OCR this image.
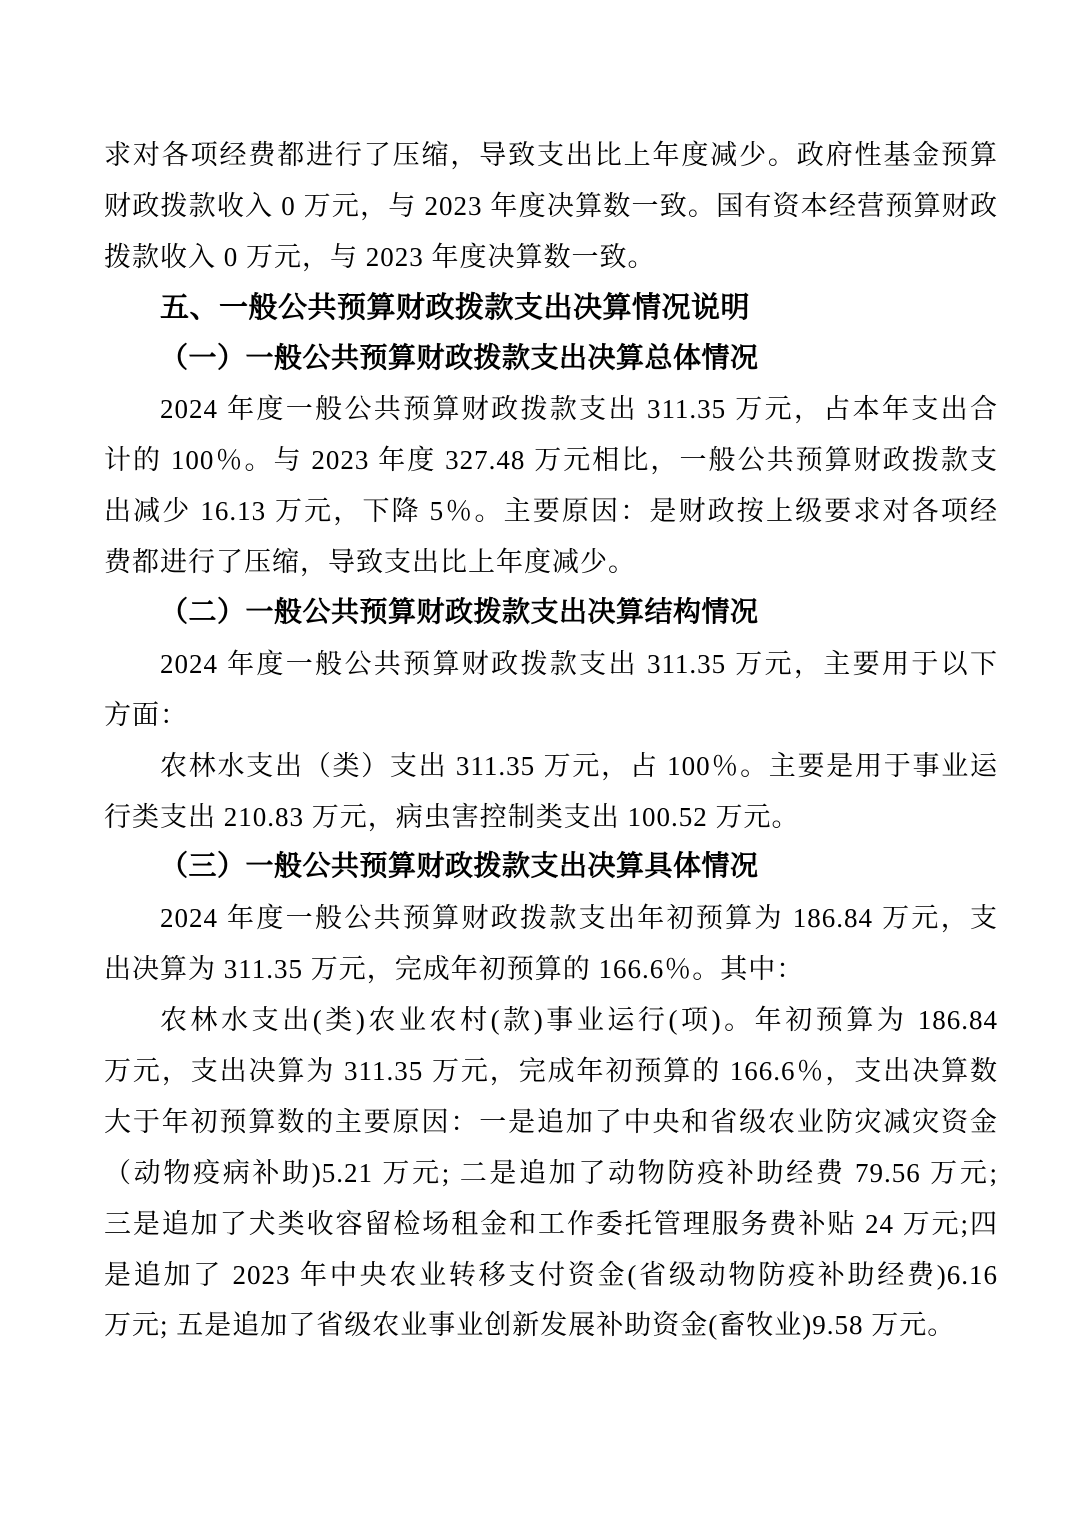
求对各项经费都进行了压缩，导致支出比上年度减少。政府性基金预算
财政拨款收入 0 万元，与 2023 年度决算数一致。国有资本经营预算财政
拨款收入 0 万元，与 2023 年度决算数一致。
五、一般公共预算财政拨款支出决算情况说明
（一）一般公共预算财政拨款支出决算总体情况
2024 年度一般公共预算财政拨款支出 311.35 万元，占本年支出合
计的 100％。与 2023 年度 327.48 万元相比，一般公共预算财政拨款支
出减少 16.13 万元，下降 5％。主要原因：是财政按上级要求对各项经
费都进行了压缩，导致支出比上年度减少。
（二）一般公共预算财政拨款支出决算结构情况
2024 年度一般公共预算财政拨款支出 311.35 万元，主要用于以下
方面：
农林水支出（类）支出 311.35 万元，占 100％。主要是用于事业运
行类支出 210.83 万元，病虫害控制类支出 100.52 万元。
（三）一般公共预算财政拨款支出决算具体情况
2024 年度一般公共预算财政拨款支出年初预算为 186.84 万元，支
出决算为 311.35 万元，完成年初预算的 166.6％。其中：
农林水支出(类)农业农村(款)事业运行(项)。年初预算为 186.84
万元，支出决算为 311.35 万元，完成年初预算的 166.6％，支出决算数
大于年初预算数的主要原因：一是追加了中央和省级农业防灾减灾资金
（动物疫病补助)5.21 万元; 二是追加了动物防疫补助经费 79.56 万元;
三是追加了犬类收容留检场租金和工作委托管理服务费补贴 24 万元;四
是追加了 2023 年中央农业转移支付资金(省级动物防疫补助经费)6.16
万元; 五是追加了省级农业事业创新发展补助资金(畜牧业)9.58 万元。
